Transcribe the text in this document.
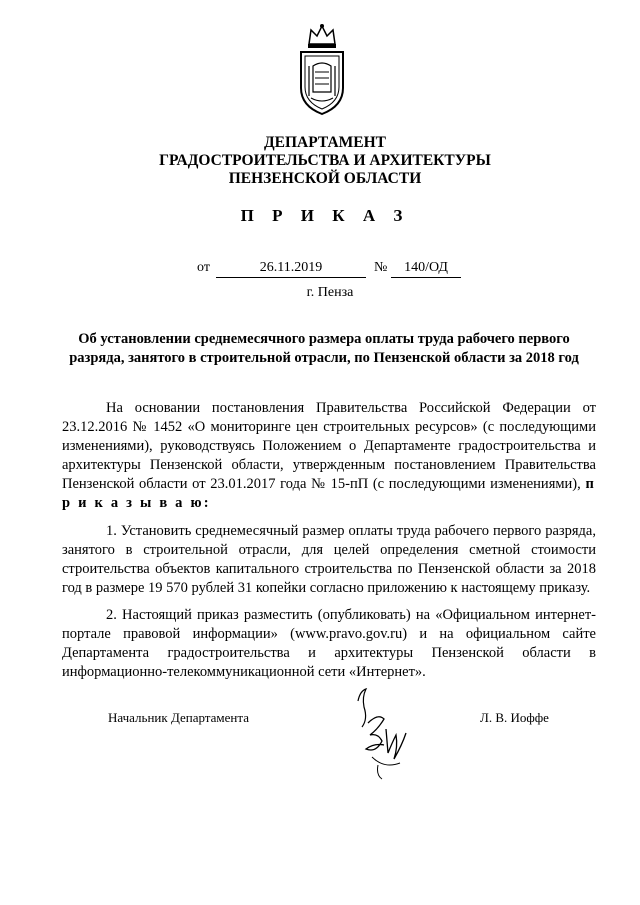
ДЕПАРТАМЕНТ
ГРАДОСТРОИТЕЛЬСТВА И АРХИТЕКТУРЫ
ПЕНЗЕНСКОЙ ОБЛАСТИ
П Р И К А З
от	26.11.2019	№	140/ОД
г. Пенза
Об установлении среднемесячного размера оплаты труда рабочего первого разряда, занятого в строительной отрасли, по Пензенской области за 2018 год

На основании постановления Правительства Российской Федерации от 23.12.2016 № 1452 «О мониторинге цен строительных ресурсов» (с последующими изменениями), руководствуясь Положением о Департаменте градостроительства и архитектуры Пензенской области, утвержденным постановлением Правительства Пензенской области от 23.01.2017 года № 15-пП (с последующими изменениями), п р и к а з ы в а ю:

1. Установить среднемесячный размер оплаты труда рабочего первого разряда, занятого в строительной отрасли, для целей определения сметной стоимости строительства объектов капитального строительства по Пензенской области за 2018 год в размере 19 570 рублей 31 копейки согласно приложению к настоящему приказу.

2. Настоящий приказ разместить (опубликовать) на «Официальном интернет-портале правовой информации» (www.pravo.gov.ru) и на официальном сайте Департамента градостроительства и архитектуры Пензенской области в информационно-телекоммуникационной сети «Интернет».

Начальник Департамента	Л. В. Иоффе
